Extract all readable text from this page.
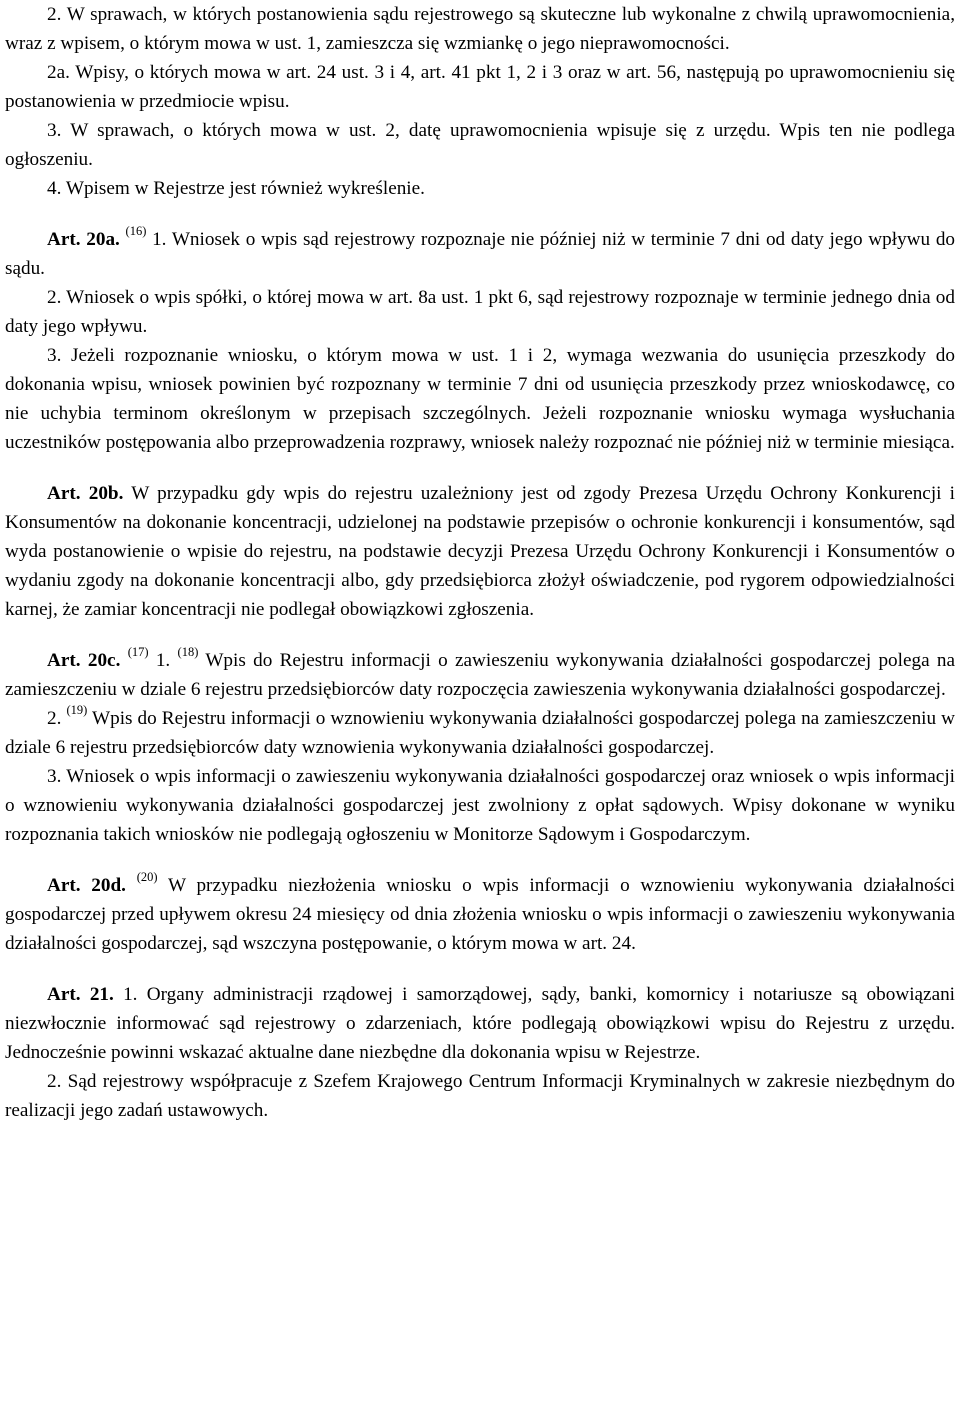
2. W sprawach, w których postanowienia sądu rejestrowego są skuteczne lub wykonalne z chwilą uprawomocnienia, wraz z wpisem, o którym mowa w ust. 1, zamieszcza się wzmiankę o jego nieprawomocności.

2a. Wpisy, o których mowa w art. 24 ust. 3 i 4, art. 41 pkt 1, 2 i 3 oraz w art. 56, następują po uprawomocnieniu się postanowienia w przedmiocie wpisu.

3. W sprawach, o których mowa w ust. 2, datę uprawomocnienia wpisuje się z urzędu. Wpis ten nie podlega ogłoszeniu.

4. Wpisem w Rejestrze jest również wykreślenie.

Art. 20a. $^{(16)}$ 1. Wniosek o wpis sąd rejestrowy rozpoznaje nie później niż w terminie 7 dni od daty jego wpływu do sądu.

2. Wniosek o wpis spółki, o której mowa w art. 8a ust. 1 pkt 6, sąd rejestrowy rozpoznaje w terminie jednego dnia od daty jego wpływu.

3. Jeżeli rozpoznanie wniosku, o którym mowa w ust. 1 i 2, wymaga wezwania do usunięcia przeszkody do dokonania wpisu, wniosek powinien być rozpoznany w terminie 7 dni od usunięcia przeszkody przez wnioskodawcę, co nie uchybia terminom określonym w przepisach szczególnych. Jeżeli rozpoznanie wniosku wymaga wysłuchania uczestników postępowania albo przeprowadzenia rozprawy, wniosek należy rozpoznać nie później niż w terminie miesiąca.

Art. 20b. W przypadku gdy wpis do rejestru uzależniony jest od zgody Prezesa Urzędu Ochrony Konkurencji i Konsumentów na dokonanie koncentracji, udzielonej na podstawie przepisów o ochronie konkurencji i konsumentów, sąd wyda postanowienie o wpisie do rejestru, na podstawie decyzji Prezesa Urzędu Ochrony Konkurencji i Konsumentów o wydaniu zgody na dokonanie koncentracji albo, gdy przedsiębiorca złożył oświadczenie, pod rygorem odpowiedzialności karnej, że zamiar koncentracji nie podlegał obowiązkowi zgłoszenia.

Art. 20c. $^{(17)}$ 1. $^{(18)}$ Wpis do Rejestru informacji o zawieszeniu wykonywania działalności gospodarczej polega na zamieszczeniu w dziale 6 rejestru przedsiębiorców daty rozpoczęcia zawieszenia wykonywania działalności gospodarczej.

2. $^{(19)}$ Wpis do Rejestru informacji o wznowieniu wykonywania działalności gospodarczej polega na zamieszczeniu w dziale 6 rejestru przedsiębiorców daty wznowienia wykonywania działalności gospodarczej.

3. Wniosek o wpis informacji o zawieszeniu wykonywania działalności gospodarczej oraz wniosek o wpis informacji o wznowieniu wykonywania działalności gospodarczej jest zwolniony z opłat sądowych. Wpisy dokonane w wyniku rozpoznania takich wniosków nie podlegają ogłoszeniu w Monitorze Sądowym i Gospodarczym.

Art. 20d. $^{(20)}$ W przypadku niezłożenia wniosku o wpis informacji o wznowieniu wykonywania działalności gospodarczej przed upływem okresu 24 miesięcy od dnia złożenia wniosku o wpis informacji o zawieszeniu wykonywania działalności gospodarczej, sąd wszczyna postępowanie, o którym mowa w art. 24.

Art. 21. 1. Organy administracji rządowej i samorządowej, sądy, banki, komornicy i notariusze są obowiązani niezwłocznie informować sąd rejestrowy o zdarzeniach, które podlegają obowiązkowi wpisu do Rejestru z urzędu. Jednocześnie powinni wskazać aktualne dane niezbędne dla dokonania wpisu w Rejestrze.

2. Sąd rejestrowy współpracuje z Szefem Krajowego Centrum Informacji Kryminalnych w zakresie niezbędnym do realizacji jego zadań ustawowych.
